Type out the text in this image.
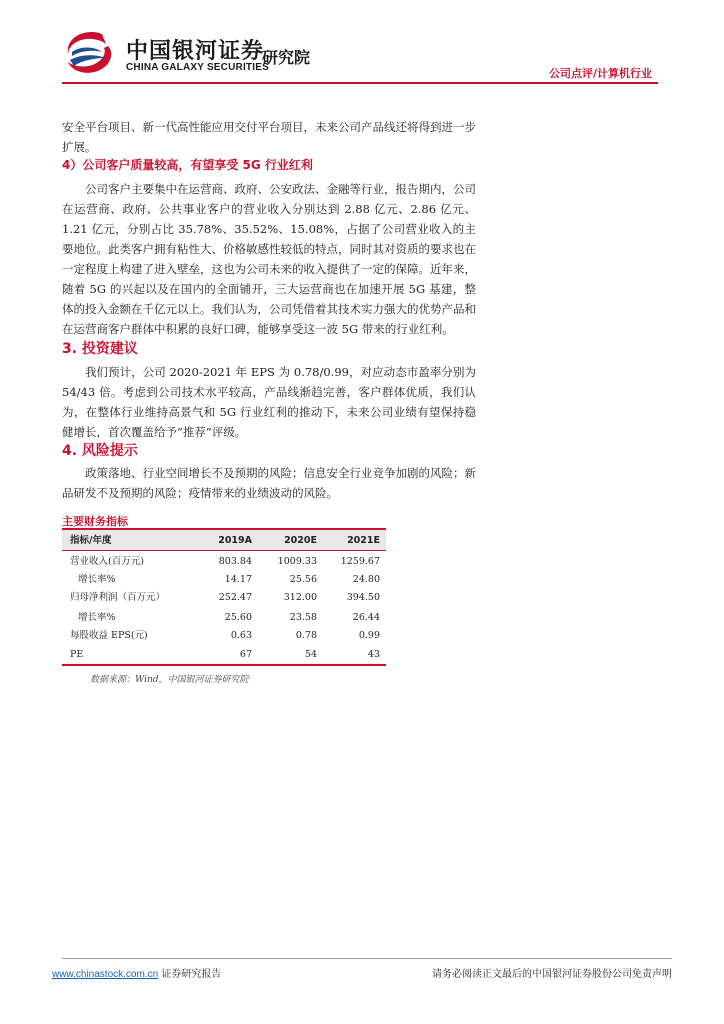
中国银河证券
CHINA GALAXY SECURITIES
研究院
公司点评/计算机行业
安全平台项目、新一代高性能应用交付平台项目，未来公司产品线还将得到进一步扩展。
4）公司客户质量较高，有望享受 5G 行业红利
公司客户主要集中在运营商、政府、公安政法、金融等行业，报告期内，公司在运营商、政府、公共事业客户的营业收入分别达到 2.88 亿元、2.86 亿元、1.21 亿元，分别占比 35.78%、35.52%、15.08%，占据了公司营业收入的主要地位。此类客户拥有粘性大、价格敏感性较低的特点，同时其对资质的要求也在一定程度上构建了进入壁垒，这也为公司未来的收入提供了一定的保障。近年来，随着 5G 的兴起以及在国内的全面铺开，三大运营商也在加速开展 5G 基建，整体的投入金额在千亿元以上。我们认为，公司凭借着其技术实力强大的优势产品和在运营商客户群体中积累的良好口碑，能够享受这一波 5G 带来的行业红利。
3. 投资建议
我们预计，公司 2020-2021 年 EPS 为 0.78/0.99，对应动态市盈率分别为 54/43 倍。考虑到公司技术水平较高，产品线渐趋完善，客户群体优质，我们认为，在整体行业维持高景气和 5G 行业红利的推动下，未来公司业绩有望保持稳健增长，首次覆盖给予“推荐”评级。
4. 风险提示
政策落地、行业空间增长不及预期的风险；信息安全行业竞争加剧的风险；新品研发不及预期的风险；疫情带来的业绩波动的风险。
主要财务指标
指标/年度	2019A	2020E	2021E
营业收入(百万元)	803.84	1009.33	1259.67
增长率%	14.17	25.56	24.80
归母净利润（百万元）	252.47	312.00	394.50
增长率%	25.60	23.58	26.44
每股收益 EPS(元)	0.63	0.78	0.99
PE	67	54	43
数据来源：Wind，中国银河证券研究院
www.chinastock.com.cn 证券研究报告	请务必阅读正文最后的中国银河证券股份公司免责声明
